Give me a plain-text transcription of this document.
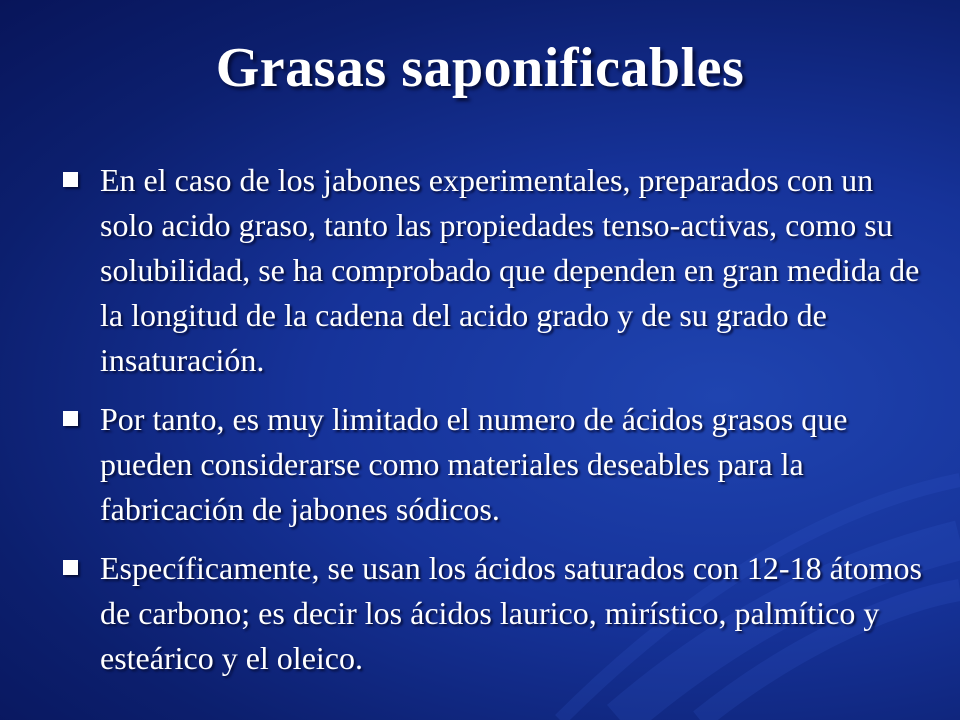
Grasas saponificables
En el caso de los jabones experimentales, preparados con un solo acido graso, tanto las propiedades tenso-activas, como su solubilidad, se ha comprobado que dependen en gran medida de la longitud de la cadena del acido grado y de su grado de insaturación.
Por tanto, es muy limitado el numero de ácidos grasos que pueden considerarse como materiales deseables para la fabricación de jabones sódicos.
Específicamente, se usan los ácidos saturados con 12-18 átomos de carbono; es decir los ácidos laurico, mirístico, palmítico y esteárico y el oleico.
